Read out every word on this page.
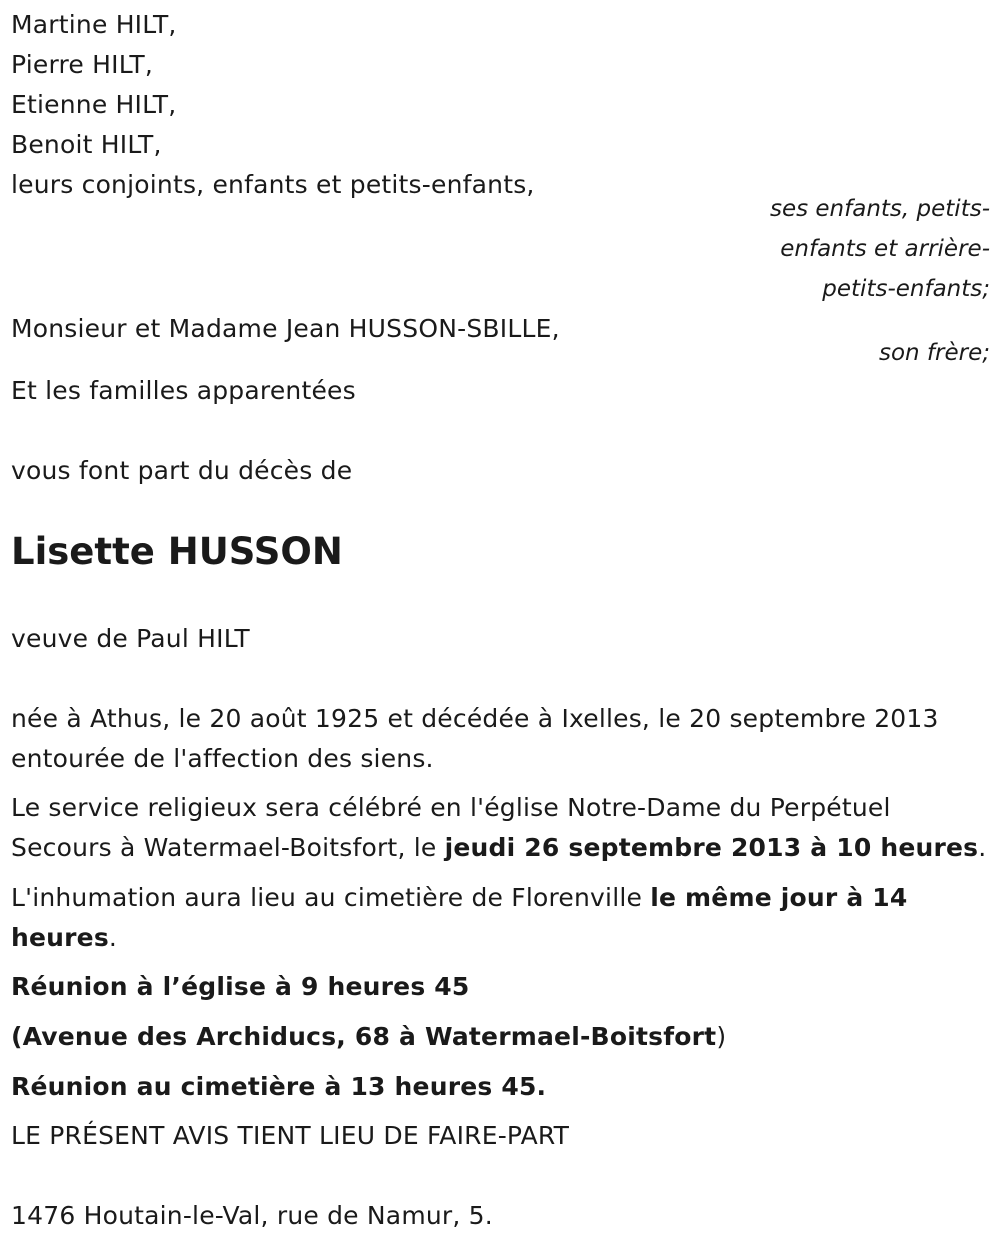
Martine HILT,
Pierre HILT,
Etienne HILT,
Benoit HILT,
leurs conjoints, enfants et petits-enfants,
ses enfants, petits-
enfants et arrière-
petits-enfants;
Monsieur et Madame Jean HUSSON-SBILLE,
son frère;
Et les familles apparentées
vous font part du décès de
Lisette HUSSON
veuve de Paul HILT
née à Athus, le 20 août 1925 et décédée à Ixelles, le 20 septembre 2013
entourée de l'affection des siens.
Le service religieux sera célébré en l'église Notre-Dame du Perpétuel
Secours à Watermael-Boitsfort, le jeudi 26 septembre 2013 à 10 heures.
L'inhumation aura lieu au cimetière de Florenville le même jour à 14
heures.
Réunion à l’église à 9 heures 45
(Avenue des Archiducs, 68 à Watermael-Boitsfort)
Réunion au cimetière à 13 heures 45.
LE PRÉSENT AVIS TIENT LIEU DE FAIRE-PART
1476 Houtain-le-Val, rue de Namur, 5.
